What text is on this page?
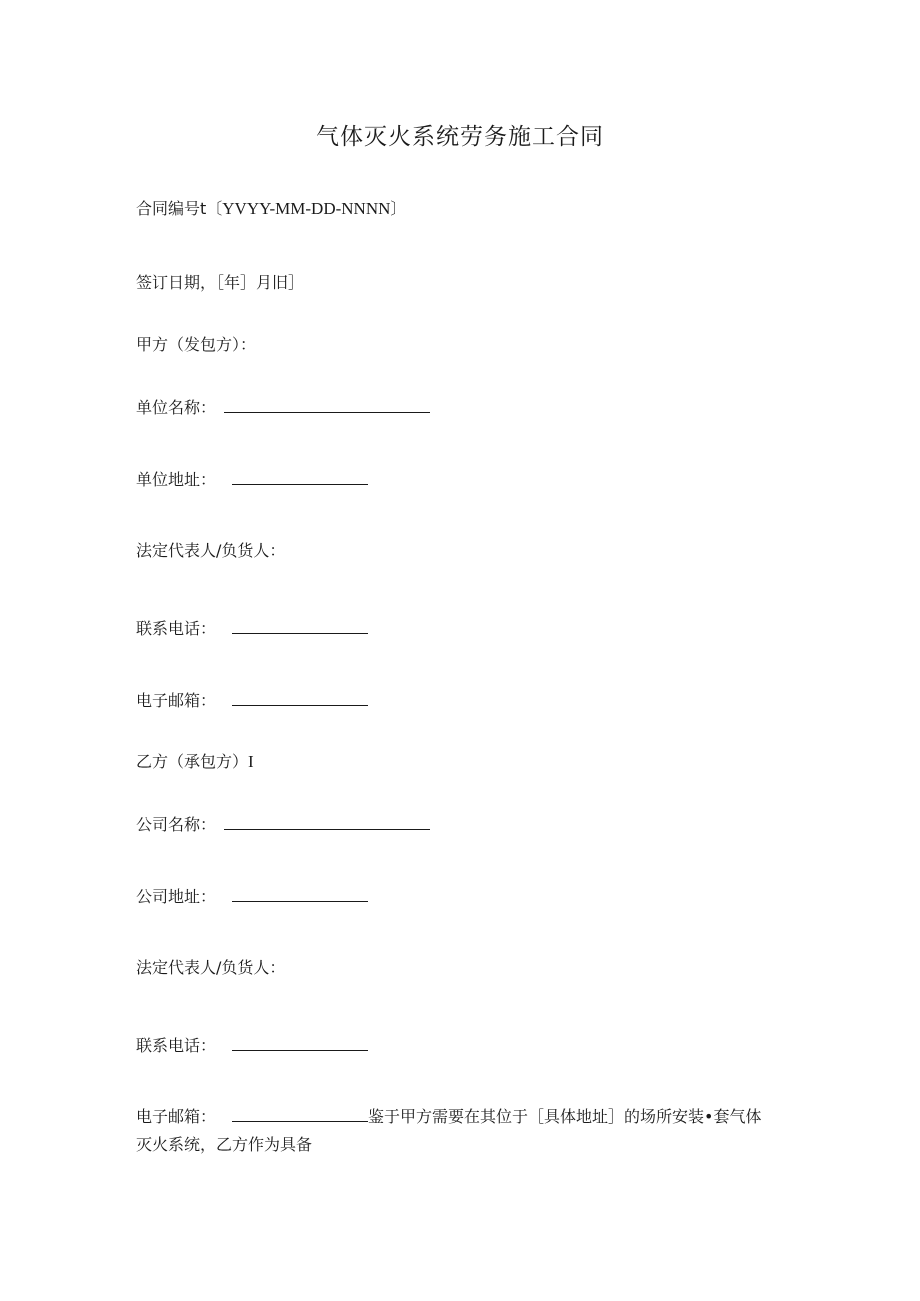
气体灭火系统劳务施工合同
合同编号t〔YVYY-MM-DD-NNNN〕
签订日期，［年］月旧］
甲方（发包方）：
单位名称：
单位地址：
法定代表人/负货人：
联系电话：
电子邮箱：
乙方（承包方）I
公司名称：
公司地址：
法定代表人/负货人：
联系电话：
电子邮箱：	鉴于甲方需要在其位于［具体地址］的场所安装•套气体
灭火系统，乙方作为具备
